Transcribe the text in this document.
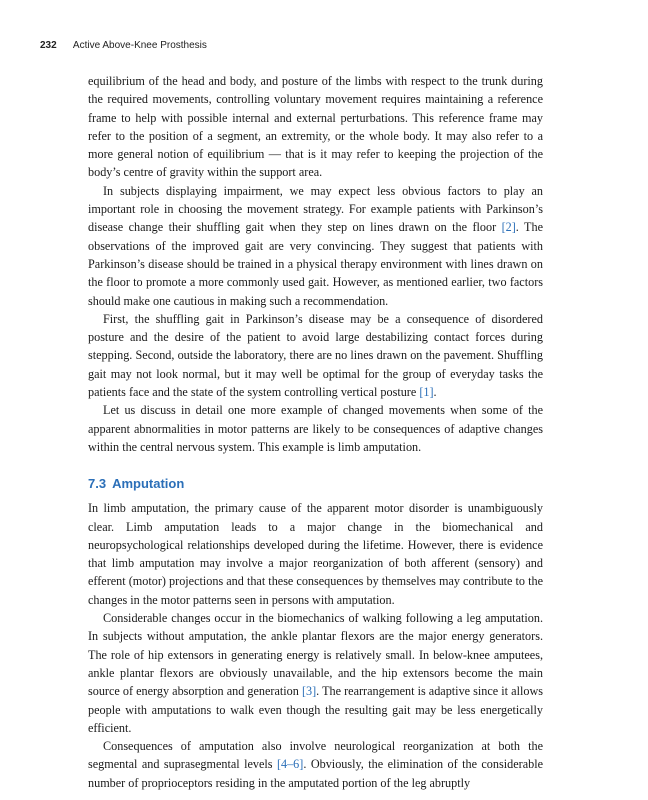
232 Active Above-Knee Prosthesis

equilibrium of the head and body, and posture of the limbs with respect to the trunk during the required movements, controlling voluntary movement requires maintaining a reference frame to help with possible internal and external perturbations. This reference frame may refer to the position of a segment, an extremity, or the whole body. It may also refer to a more general notion of equilibrium — that is it may refer to keeping the projection of the body’s centre of gravity within the support area.

In subjects displaying impairment, we may expect less obvious factors to play an important role in choosing the movement strategy. For example patients with Parkinson’s disease change their shuffling gait when they step on lines drawn on the floor [2]. The observations of the improved gait are very convincing. They suggest that patients with Parkinson’s disease should be trained in a physical therapy environment with lines drawn on the floor to promote a more commonly used gait. However, as mentioned earlier, two factors should make one cautious in making such a recommendation.

First, the shuffling gait in Parkinson’s disease may be a consequence of disordered posture and the desire of the patient to avoid large destabilizing contact forces during stepping. Second, outside the laboratory, there are no lines drawn on the pavement. Shuffling gait may not look normal, but it may well be optimal for the group of everyday tasks the patients face and the state of the system controlling vertical posture [1].

Let us discuss in detail one more example of changed movements when some of the apparent abnormalities in motor patterns are likely to be consequences of adaptive changes within the central nervous system. This example is limb amputation.

7.3 Amputation

In limb amputation, the primary cause of the apparent motor disorder is unambiguously clear. Limb amputation leads to a major change in the biomechanical and neuropsychological relationships developed during the lifetime. However, there is evidence that limb amputation may involve a major reorganization of both afferent (sensory) and efferent (motor) projections and that these consequences by themselves may contribute to the changes in the motor patterns seen in persons with amputation.

Considerable changes occur in the biomechanics of walking following a leg amputation. In subjects without amputation, the ankle plantar flexors are the major energy generators. The role of hip extensors in generating energy is relatively small. In below-knee amputees, ankle plantar flexors are obviously unavailable, and the hip extensors become the main source of energy absorption and generation [3]. The rearrangement is adaptive since it allows people with amputations to walk even though the resulting gait may be less energetically efficient.

Consequences of amputation also involve neurological reorganization at both the segmental and suprasegmental levels [4–6]. Obviously, the elimination of the considerable number of proprioceptors residing in the amputated portion of the leg abruptly
